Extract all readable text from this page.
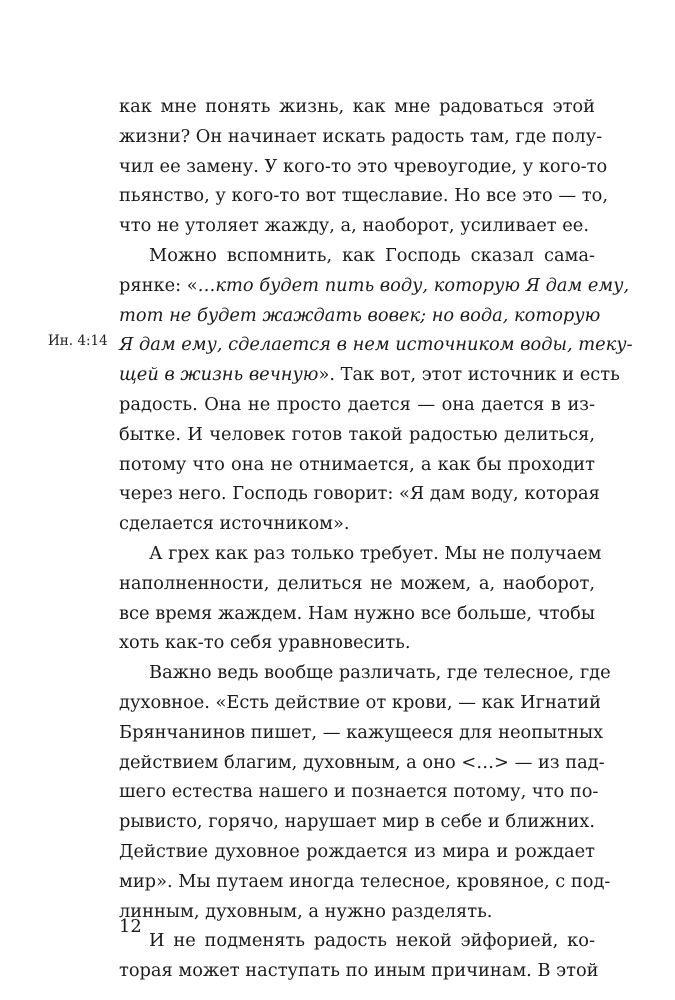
Ин. 4:14
как мне понять жизнь, как мне радоваться этой
жизни? Он начинает искать радость там, где полу-
чил ее замену. У кого-то это чревоугодие, у кого-то
пьянство, у кого-то вот тщеславие. Но все это — то,
что не утоляет жажду, а, наоборот, усиливает ее.
Можно вспомнить, как Господь сказал сама-
рянке: «…кто будет пить воду, которую Я дам ему,
тот не будет жаждать вовек; но вода, которую
Я дам ему, сделается в нем источником воды, теку-
щей в жизнь вечную». Так вот, этот источник и есть
радость. Она не просто дается — она дается в из-
бытке. И человек готов такой радостью делиться,
потому что она не отнимается, а как бы проходит
через него. Господь говорит: «Я дам воду, которая
сделается источником».
А грех как раз только требует. Мы не получаем
наполненности, делиться не можем, а, наоборот,
все время жаждем. Нам нужно все больше, чтобы
хоть как-то себя уравновесить.
Важно ведь вообще различать, где телесное, где
духовное. «Есть действие от крови, — как Игнатий
Брянчанинов пишет, — кажущееся для неопытных
действием благим, духовным, а оно <…> — из пад-
шего естества нашего и познается потому, что по-
рывисто, горячо, нарушает мир в себе и ближних.
Действие духовное рождается из мира и рождает
мир». Мы путаем иногда телесное, кровяное, с под-
линным, духовным, а нужно разделять.
И не подменять радость некой эйфорией, ко-
торая может наступать по иным причинам. В этой
12
